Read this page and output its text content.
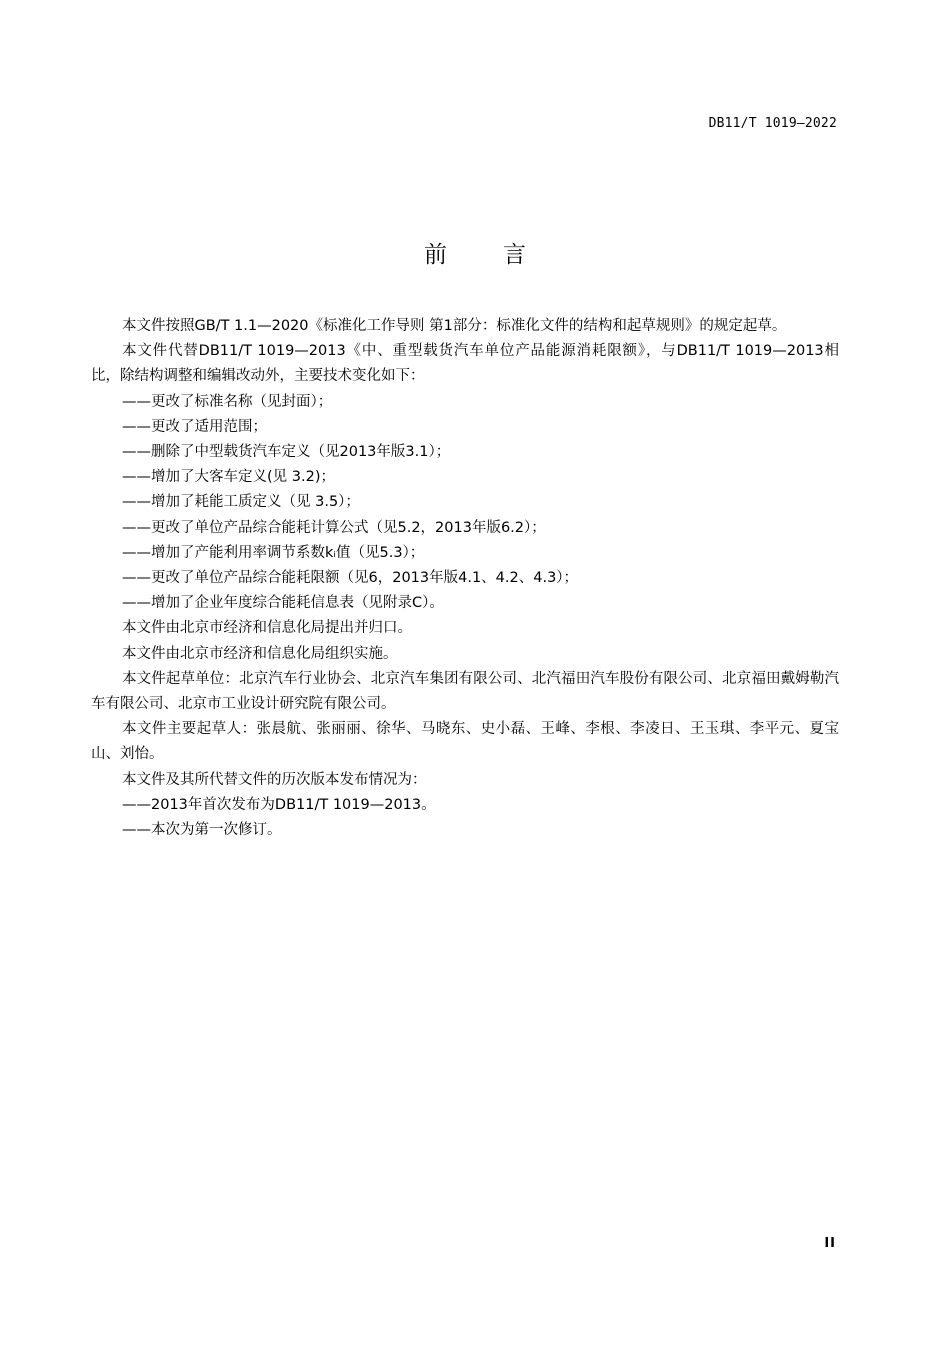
DB11/T 1019—2022
前言

本文件按照GB/T 1.1—2020《标准化工作导则 第1部分：标准化文件的结构和起草规则》的规定起草。

本文件代替DB11/T 1019—2013《中、重型载货汽车单位产品能源消耗限额》，与DB11/T 1019—2013相比，除结构调整和编辑改动外，主要技术变化如下：

——更改了标准名称（见封面）；

——更改了适用范围；

——删除了中型载货汽车定义（见2013年版3.1）；

——增加了大客车定义(见 3.2)；

——增加了耗能工质定义（见 3.5）；

——更改了单位产品综合能耗计算公式（见5.2，2013年版6.2）；

——增加了产能利用率调节系数kᵢ值（见5.3）；

——更改了单位产品综合能耗限额（见6，2013年版4.1、4.2、4.3）；

——增加了企业年度综合能耗信息表（见附录C）。

本文件由北京市经济和信息化局提出并归口。

本文件由北京市经济和信息化局组织实施。

本文件起草单位：北京汽车行业协会、北京汽车集团有限公司、北汽福田汽车股份有限公司、北京福田戴姆勒汽车有限公司、北京市工业设计研究院有限公司。

本文件主要起草人：张晨航、张丽丽、徐华、马晓东、史小磊、王峰、李根、李凌日、王玉琪、李平元、夏宝山、刘怡。

本文件及其所代替文件的历次版本发布情况为：

——2013年首次发布为DB11/T 1019—2013。

——本次为第一次修订。

II
